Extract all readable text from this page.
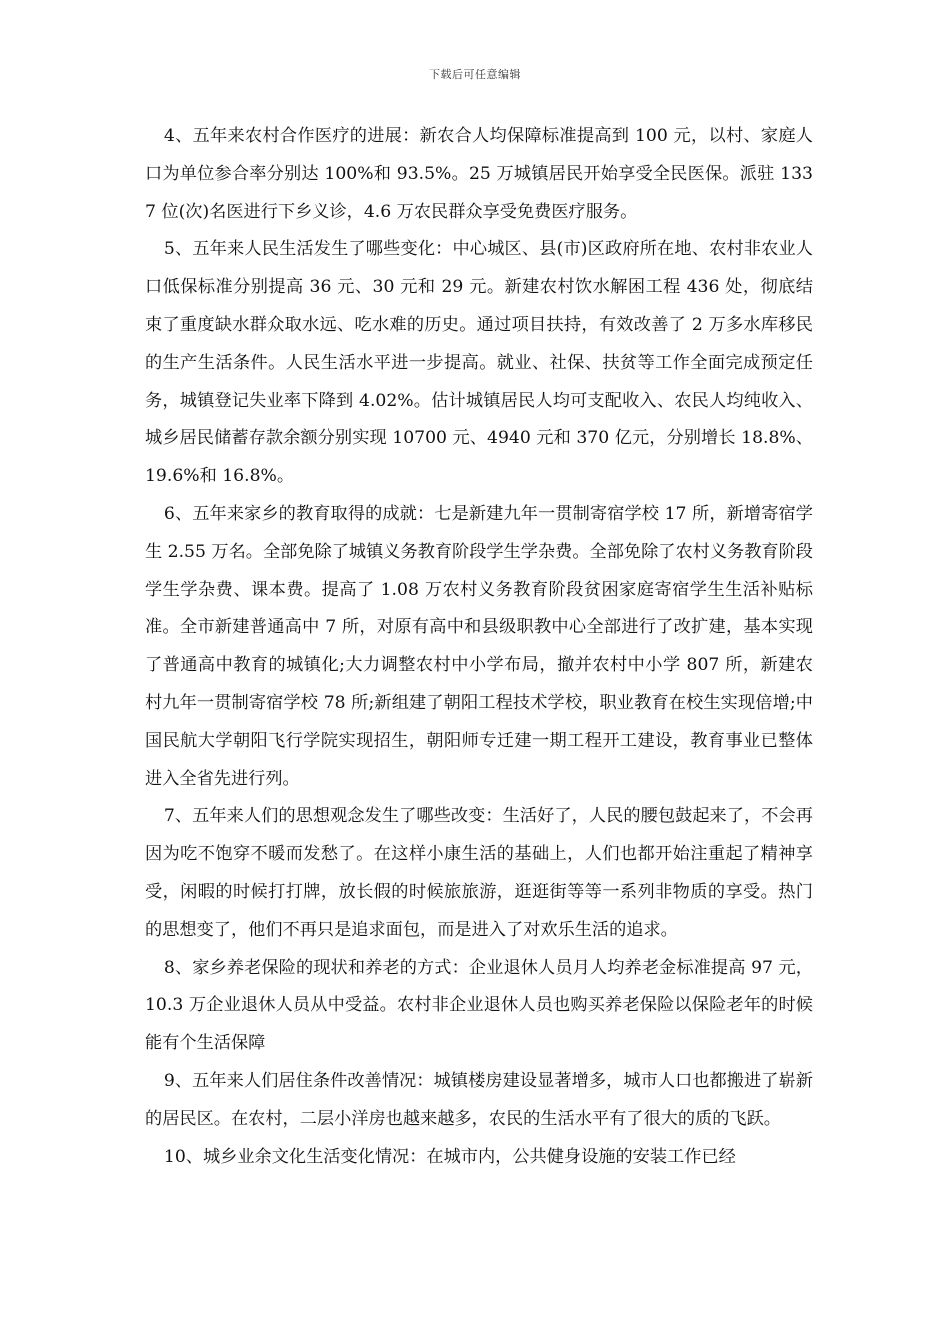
下载后可任意编辑

4、五年来农村合作医疗的进展：新农合人均保障标准提高到 100 元，以村、家庭人口为单位参合率分别达 100%和 93.5%。25 万城镇居民开始享受全民医保。派驻 1337 位(次)名医进行下乡义诊，4.6 万农民群众享受免费医疗服务。

5、五年来人民生活发生了哪些变化：中心城区、县(市)区政府所在地、农村非农业人口低保标准分别提高 36 元、30 元和 29 元。新建农村饮水解困工程 436 处，彻底结束了重度缺水群众取水远、吃水难的历史。通过项目扶持，有效改善了 2 万多水库移民的生产生活条件。人民生活水平进一步提高。就业、社保、扶贫等工作全面完成预定任务，城镇登记失业率下降到 4.02%。估计城镇居民人均可支配收入、农民人均纯收入、城乡居民储蓄存款余额分别实现 10700 元、4940 元和 370 亿元，分别增长 18.8%、19.6%和 16.8%。

6、五年来家乡的教育取得的成就：七是新建九年一贯制寄宿学校 17 所，新增寄宿学生 2.55 万名。全部免除了城镇义务教育阶段学生学杂费。全部免除了农村义务教育阶段学生学杂费、课本费。提高了 1.08 万农村义务教育阶段贫困家庭寄宿学生生活补贴标准。全市新建普通高中 7 所，对原有高中和县级职教中心全部进行了改扩建，基本实现了普通高中教育的城镇化;大力调整农村中小学布局，撤并农村中小学 807 所，新建农村九年一贯制寄宿学校 78 所;新组建了朝阳工程技术学校，职业教育在校生实现倍增;中国民航大学朝阳飞行学院实现招生，朝阳师专迁建一期工程开工建设，教育事业已整体进入全省先进行列。

7、五年来人们的思想观念发生了哪些改变：生活好了，人民的腰包鼓起来了，不会再因为吃不饱穿不暖而发愁了。在这样小康生活的基础上，人们也都开始注重起了精神享受，闲暇的时候打打牌，放长假的时候旅旅游，逛逛街等等一系列非物质的享受。热门的思想变了，他们不再只是追求面包，而是进入了对欢乐生活的追求。

8、家乡养老保险的现状和养老的方式：企业退休人员月人均养老金标准提高 97 元，10.3 万企业退休人员从中受益。农村非企业退休人员也购买养老保险以保险老年的时候能有个生活保障

9、五年来人们居住条件改善情况：城镇楼房建设显著增多，城市人口也都搬进了崭新的居民区。在农村，二层小洋房也越来越多，农民的生活水平有了很大的质的飞跃。

10、城乡业余文化生活变化情况：在城市内，公共健身设施的安装工作已经
